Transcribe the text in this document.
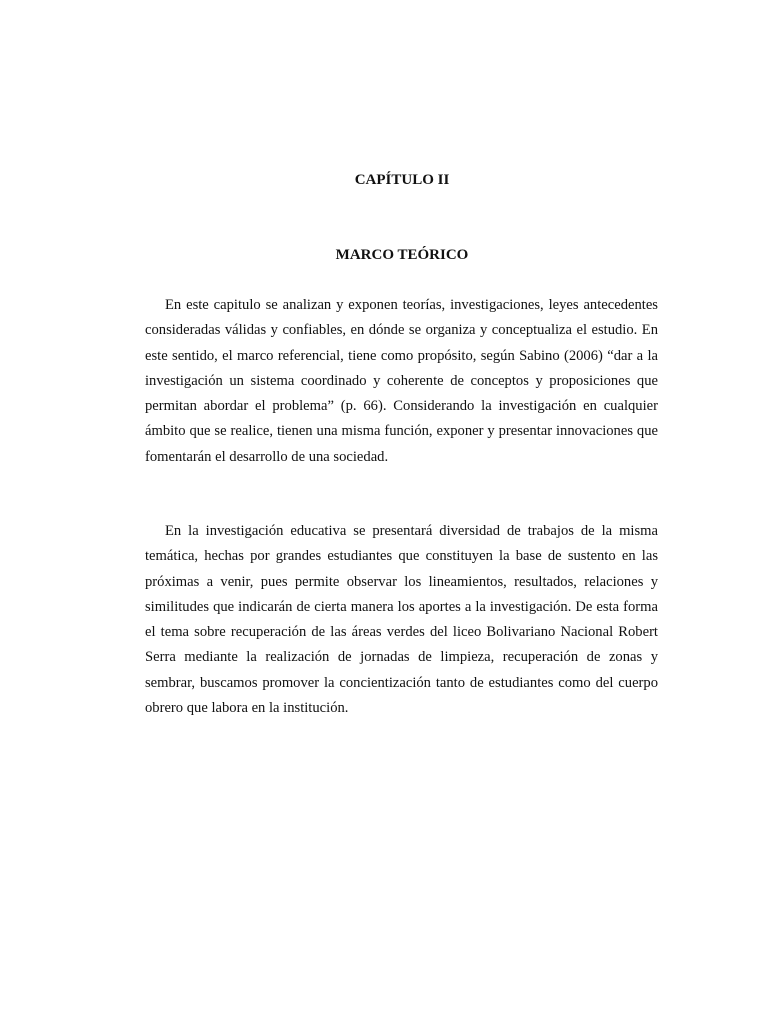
CAPÍTULO II
MARCO TEÓRICO

En este capitulo se analizan y exponen teorías, investigaciones, leyes antecedentes consideradas válidas y confiables, en dónde se organiza y conceptualiza el estudio. En este sentido, el marco referencial, tiene como propósito, según Sabino (2006) “dar a la investigación un sistema coordinado y coherente de conceptos y proposiciones que permitan abordar el problema” (p. 66). Considerando la investigación en cualquier ámbito que se realice, tienen una misma función, exponer y presentar innovaciones que fomentarán el desarrollo de una sociedad.

En la investigación educativa se presentará diversidad de trabajos de la misma temática, hechas por grandes estudiantes que constituyen la base de sustento en las próximas a venir, pues permite observar los lineamientos, resultados, relaciones y similitudes que indicarán de cierta manera los aportes a la investigación. De esta forma el tema sobre recuperación de las áreas verdes del liceo Bolivariano Nacional Robert Serra mediante la realización de jornadas de limpieza, recuperación de zonas y sembrar, buscamos promover la concientización tanto de estudiantes como del cuerpo obrero que labora en la institución.
